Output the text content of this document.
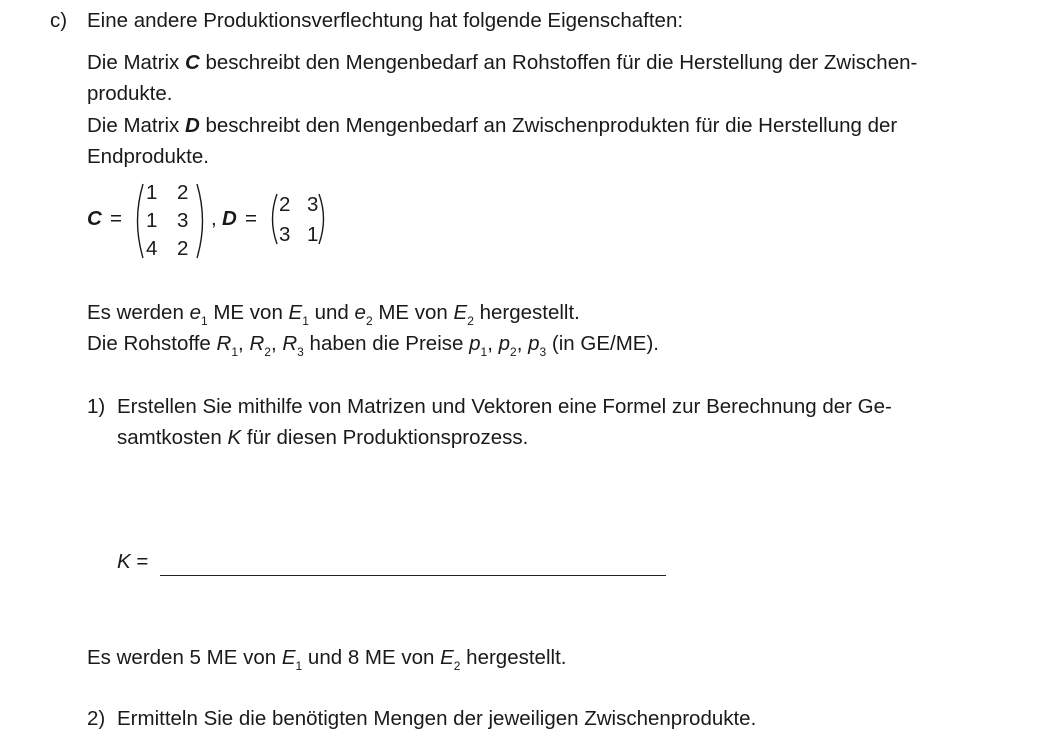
c) Eine andere Produktionsverflechtung hat folgende Eigenschaften:
Die Matrix C beschreibt den Mengenbedarf an Rohstoffen für die Herstellung der Zwischen-
produkte.
Die Matrix D beschreibt den Mengenbedarf an Zwischenprodukten für die Herstellung der
Endprodukte.
C =
1 2
1 3
4 2
, D =
2 3
3 1
Es werden $e_1$ ME von $E_1$ und $e_2$ ME von $E_2$ hergestellt.
Die Rohstoffe $R_1$, $R_2$, $R_3$ haben die Preise $p_1$, $p_2$, $p_3$ (in GE/ME).
1) Erstellen Sie mithilfe von Matrizen und Vektoren eine Formel zur Berechnung der Ge-
samtkosten K für diesen Produktionsprozess.
K =
Es werden 5 ME von $E_1$ und 8 ME von $E_2$ hergestellt.
2) Ermitteln Sie die benötigten Mengen der jeweiligen Zwischenprodukte.
